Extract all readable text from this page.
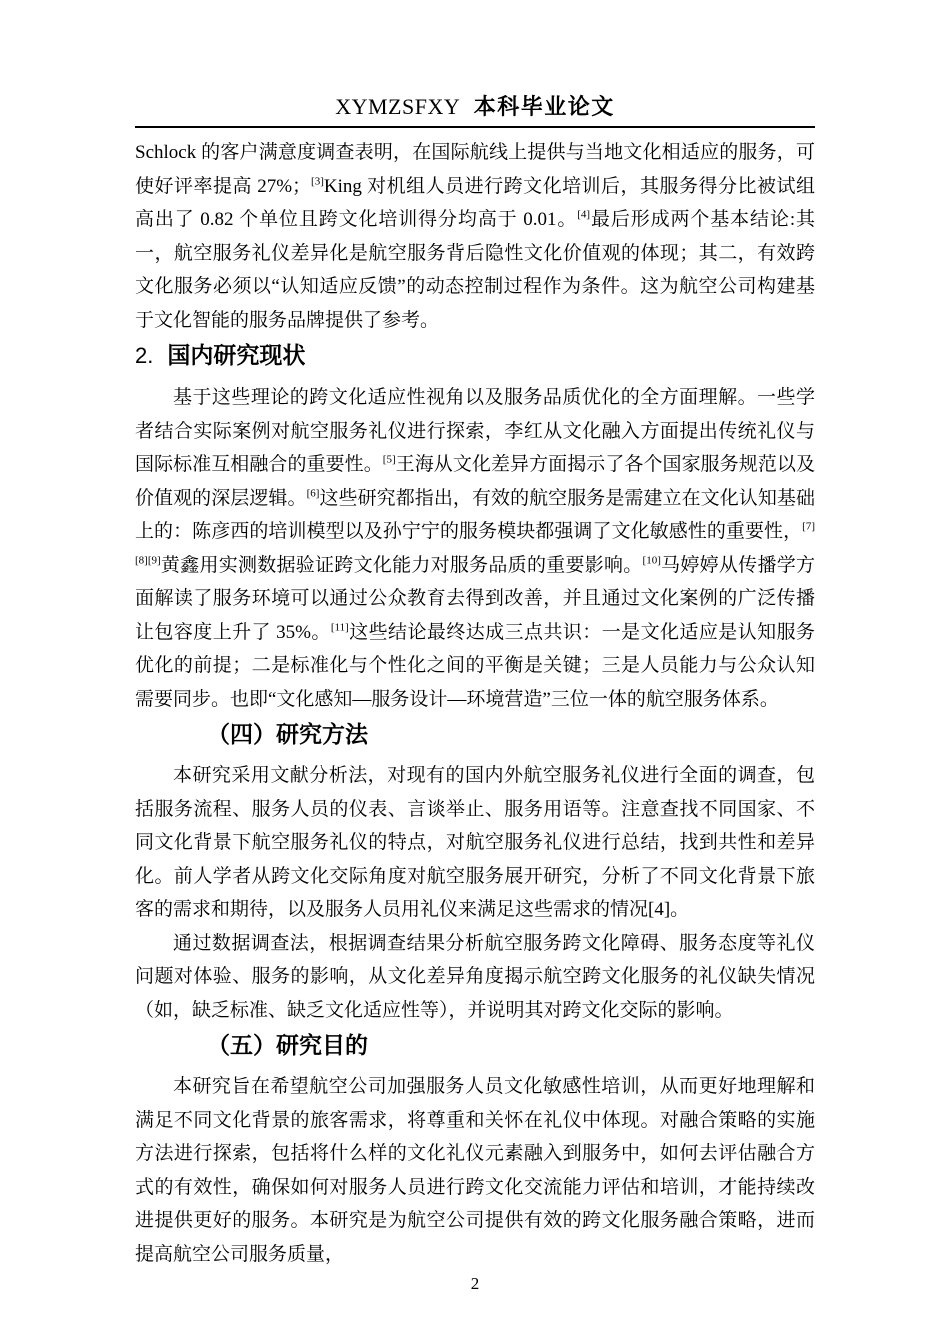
XYMZSFXY 本科毕业论文

Schlock 的客户满意度调查表明，在国际航线上提供与当地文化相适应的服务，可使好评率提高 27%；[3]King 对机组人员进行跨文化培训后，其服务得分比被试组高出了 0.82 个单位且跨文化培训得分均高于 0.01。[4]最后形成两个基本结论:其一，航空服务礼仪差异化是航空服务背后隐性文化价值观的体现；其二，有效跨文化服务必须以“认知适应反馈”的动态控制过程作为条件。这为航空公司构建基于文化智能的服务品牌提供了参考。

2. 国内研究现状

基于这些理论的跨文化适应性视角以及服务品质优化的全方面理解。一些学者结合实际案例对航空服务礼仪进行探索，李红从文化融入方面提出传统礼仪与国际标准互相融合的重要性。[5]王海从文化差异方面揭示了各个国家服务规范以及价值观的深层逻辑。[6]这些研究都指出，有效的航空服务是需建立在文化认知基础上的：陈彦西的培训模型以及孙宁宁的服务模块都强调了文化敏感性的重要性，[7][8][9]黄鑫用实测数据验证跨文化能力对服务品质的重要影响。[10]马婷婷从传播学方面解读了服务环境可以通过公众教育去得到改善，并且通过文化案例的广泛传播让包容度上升了 35%。[11]这些结论最终达成三点共识：一是文化适应是认知服务优化的前提；二是标准化与个性化之间的平衡是关键；三是人员能力与公众认知需要同步。也即“文化感知—服务设计—环境营造”三位一体的航空服务体系。

（四）研究方法

本研究采用文献分析法，对现有的国内外航空服务礼仪进行全面的调查，包括服务流程、服务人员的仪表、言谈举止、服务用语等。注意查找不同国家、不同文化背景下航空服务礼仪的特点，对航空服务礼仪进行总结，找到共性和差异化。前人学者从跨文化交际角度对航空服务展开研究，分析了不同文化背景下旅客的需求和期待，以及服务人员用礼仪来满足这些需求的情况[4]。

通过数据调查法，根据调查结果分析航空服务跨文化障碍、服务态度等礼仪问题对体验、服务的影响，从文化差异角度揭示航空跨文化服务的礼仪缺失情况（如，缺乏标准、缺乏文化适应性等），并说明其对跨文化交际的影响。

（五）研究目的

本研究旨在希望航空公司加强服务人员文化敏感性培训，从而更好地理解和满足不同文化背景的旅客需求，将尊重和关怀在礼仪中体现。对融合策略的实施方法进行探索，包括将什么样的文化礼仪元素融入到服务中，如何去评估融合方式的有效性，确保如何对服务人员进行跨文化交流能力评估和培训，才能持续改进提供更好的服务。本研究是为航空公司提供有效的跨文化服务融合策略，进而提高航空公司服务质量，

2
